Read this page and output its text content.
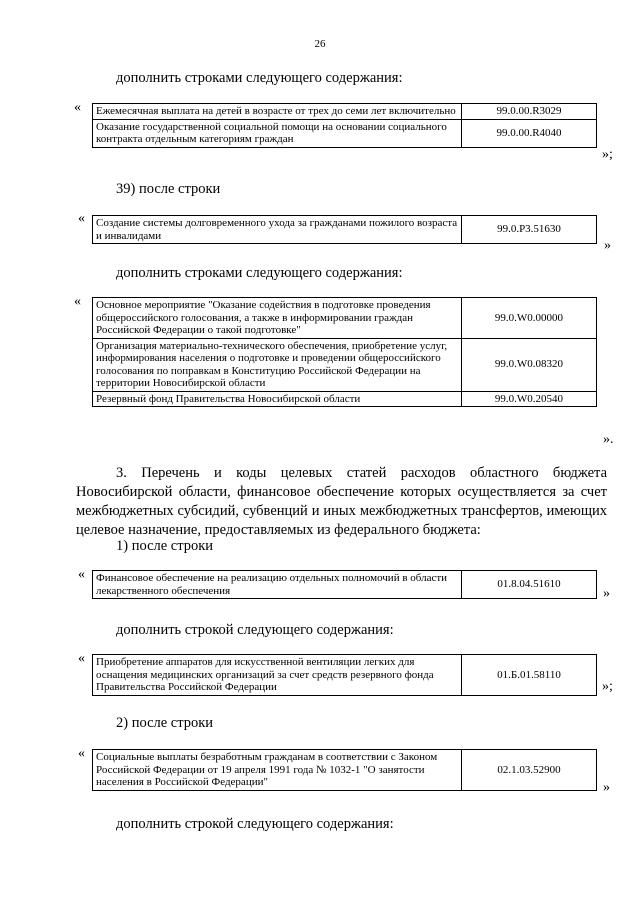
26
дополнить строками следующего содержания:
« Ежемесячная выплата на детей в возрасте от трех до семи лет включительно	99.0.00.R3029
Оказание государственной социальной помощи на основании социального контракта отдельным категориям граждан	99.0.00.R4040
»;
39) после строки
« Создание системы долговременного ухода за гражданами пожилого возраста и инвалидами	99.0.P3.51630
»
дополнить строками следующего содержания:
« Основное мероприятие "Оказание содействия в подготовке проведения общероссийского голосования, а также в информировании граждан Российской Федерации о такой подготовке"	99.0.W0.00000
Организация материально-технического обеспечения, приобретение услуг, информирования населения о подготовке и проведении общероссийского голосования по поправкам в Конституцию Российской Федерации на территории Новосибирской области	99.0.W0.08320
Резервный фонд Правительства Новосибирской области	99.0.W0.20540
».
3. Перечень и коды целевых статей расходов областного бюджета Новосибирской области, финансовое обеспечение которых осуществляется за счет межбюджетных субсидий, субвенций и иных межбюджетных трансфертов, имеющих целевое назначение, предоставляемых из федерального бюджета:
1) после строки
« Финансовое обеспечение на реализацию отдельных полномочий в области лекарственного обеспечения	01.8.04.51610
»
дополнить строкой следующего содержания:
« Приобретение аппаратов для искусственной вентиляции легких для оснащения медицинских организаций за счет средств резервного фонда Правительства Российской Федерации	01.Б.01.58110
»;
2) после строки
« Социальные выплаты безработным гражданам в соответствии с Законом Российской Федерации от 19 апреля 1991 года № 1032-1 "О занятости населения в Российской Федерации"	02.1.03.52900
»
дополнить строкой следующего содержания:
